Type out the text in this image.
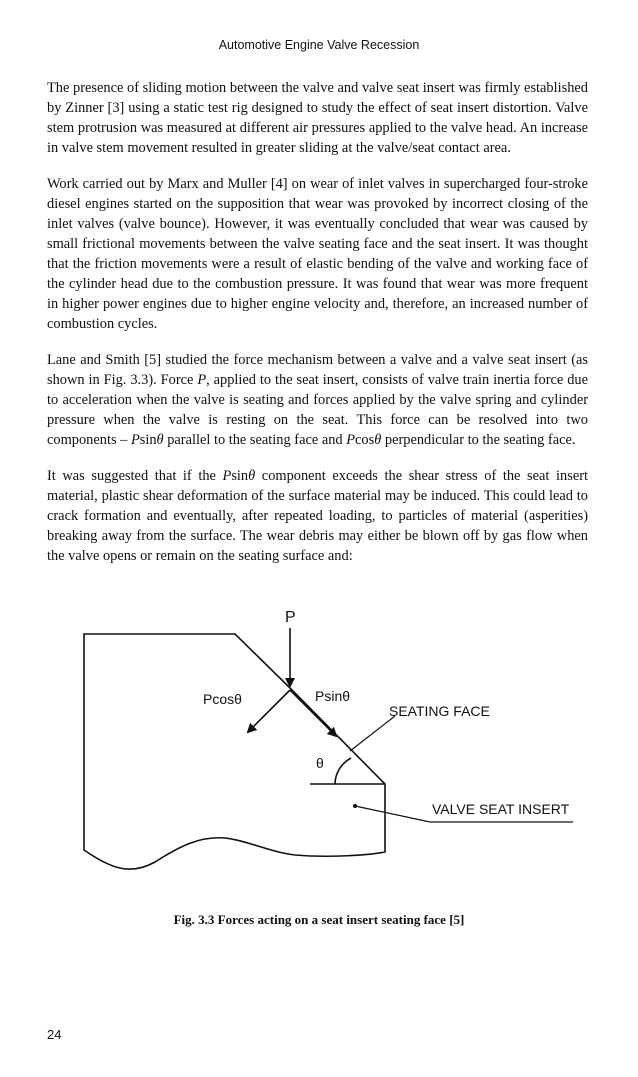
Automotive Engine Valve Recession

The presence of sliding motion between the valve and valve seat insert was firmly established by Zinner [3] using a static test rig designed to study the effect of seat insert distortion. Valve stem protrusion was measured at different air pressures applied to the valve head. An increase in valve stem movement resulted in greater sliding at the valve/seat contact area.

Work carried out by Marx and Muller [4] on wear of inlet valves in supercharged four-stroke diesel engines started on the supposition that wear was provoked by incorrect closing of the inlet valves (valve bounce). However, it was eventually concluded that wear was caused by small frictional movements between the valve seating face and the seat insert. It was thought that the friction movements were a result of elastic bending of the valve and working face of the cylinder head due to the combustion pressure. It was found that wear was more frequent in higher power engines due to higher engine velocity and, therefore, an increased number of combustion cycles.

Lane and Smith [5] studied the force mechanism between a valve and a valve seat insert (as shown in Fig. 3.3). Force P, applied to the seat insert, consists of valve train inertia force due to acceleration when the valve is seating and forces applied by the valve spring and cylinder pressure when the valve is resting on the seat. This force can be resolved into two components – Psinθ parallel to the seating face and Pcosθ perpendicular to the seating face.

It was suggested that if the Psinθ component exceeds the shear stress of the seat insert material, plastic shear deformation of the surface material may be induced. This could lead to crack formation and eventually, after repeated loading, to particles of material (asperities) breaking away from the surface. The wear debris may either be blown off by gas flow when the valve opens or remain on the seating surface and:

P
Pcosθ	Psinθ
θ
SEATING FACE
VALVE SEAT INSERT
Fig. 3.3 Forces acting on a seat insert seating face [5]
24
